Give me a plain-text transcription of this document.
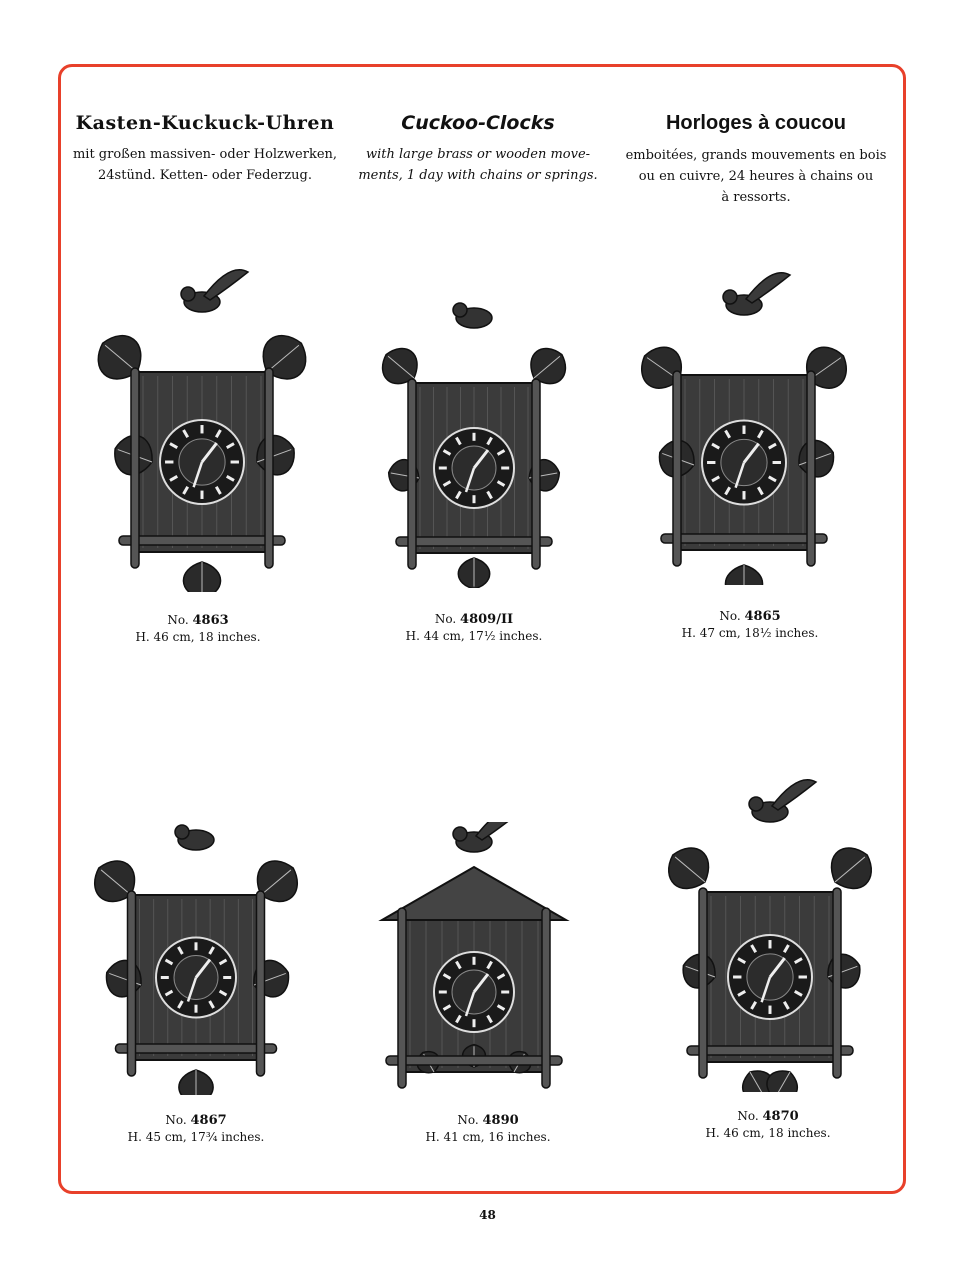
Kasten-Kuckuck-Uhren
mit großen massiven- oder Holzwerken,
24stünd. Ketten- oder Federzug.
Cuckoo-Clocks
with large brass or wooden move-
ments, 1 day with chains or springs.
Horloges à coucou
emboitées, grands mouvements en bois
ou en cuivre, 24 heures à chains ou
à ressorts.
No. 4863
H. 46 cm, 18 inches.
No. 4809/II
H. 44 cm, 17½ inches.
No. 4865
H. 47 cm, 18½ inches.
No. 4867
H. 45 cm, 17¾ inches.
No. 4890
H. 41 cm, 16 inches.
No. 4870
H. 46 cm, 18 inches.
48
